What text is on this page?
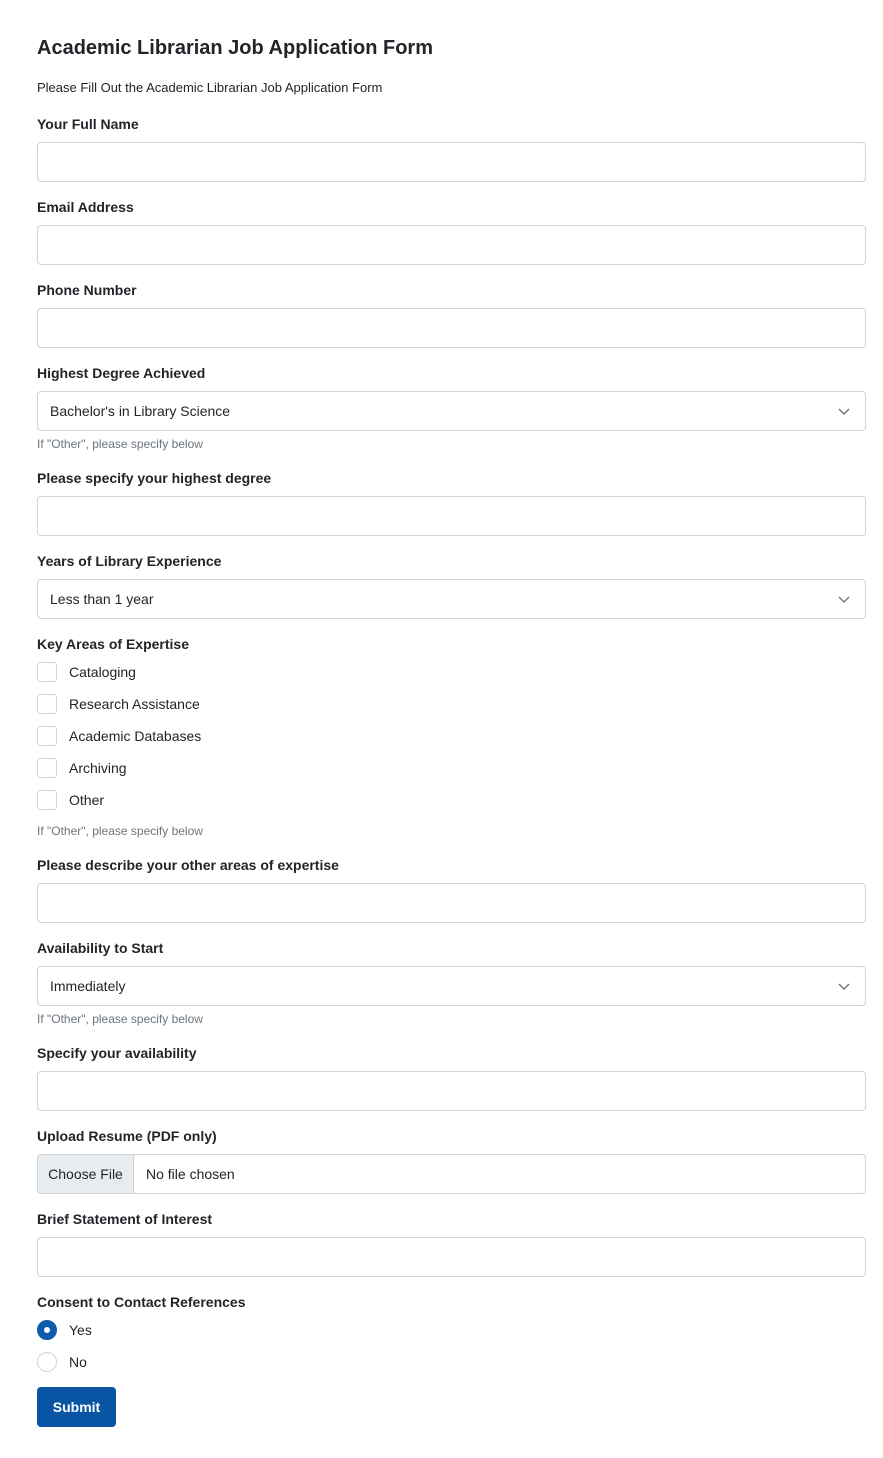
Academic Librarian Job Application Form
Please Fill Out the Academic Librarian Job Application Form
Your Full Name
Email Address
Phone Number
Highest Degree Achieved
Bachelor's in Library Science
If "Other", please specify below
Please specify your highest degree
Years of Library Experience
Less than 1 year
Key Areas of Expertise
Cataloging
Research Assistance
Academic Databases
Archiving
Other
If "Other", please specify below
Please describe your other areas of expertise
Availability to Start
Immediately
If "Other", please specify below
Specify your availability
Upload Resume (PDF only)
Choose File	No file chosen
Brief Statement of Interest
Consent to Contact References
Yes
No
Submit
